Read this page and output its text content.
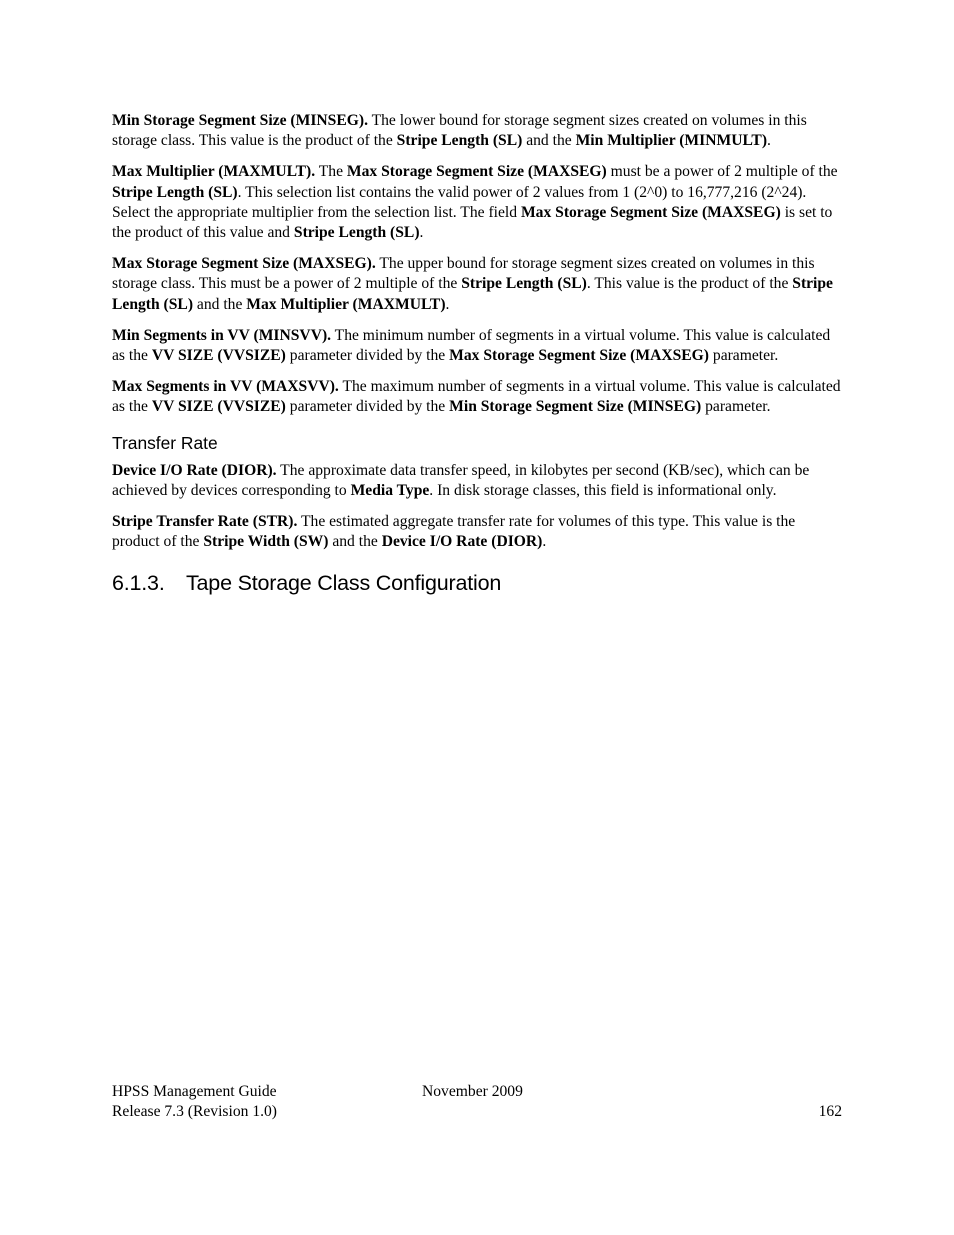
Min Storage Segment Size (MINSEG). The lower bound for storage segment sizes created on volumes in this storage class. This value is the product of the Stripe Length (SL) and the Min Multiplier (MINMULT).

Max Multiplier (MAXMULT). The Max Storage Segment Size (MAXSEG) must be a power of 2 multiple of the Stripe Length (SL). This selection list contains the valid power of 2 values from 1 (2^0) to 16,777,216 (2^24). Select the appropriate multiplier from the selection list. The field Max Storage Segment Size (MAXSEG) is set to the product of this value and Stripe Length (SL).

Max Storage Segment Size (MAXSEG). The upper bound for storage segment sizes created on volumes in this storage class. This must be a power of 2 multiple of the Stripe Length (SL). This value is the product of the Stripe Length (SL) and the Max Multiplier (MAXMULT).

Min Segments in VV (MINSVV). The minimum number of segments in a virtual volume. This value is calculated as the VV SIZE (VVSIZE) parameter divided by the Max Storage Segment Size (MAXSEG) parameter.

Max Segments in VV (MAXSVV). The maximum number of segments in a virtual volume. This value is calculated as the VV SIZE (VVSIZE) parameter divided by the Min Storage Segment Size (MINSEG) parameter.

Transfer Rate

Device I/O Rate (DIOR). The approximate data transfer speed, in kilobytes per second (KB/sec), which can be achieved by devices corresponding to Media Type. In disk storage classes, this field is informational only.

Stripe Transfer Rate (STR). The estimated aggregate transfer rate for volumes of this type. This value is the product of the Stripe Width (SW) and the Device I/O Rate (DIOR).

6.1.3. Tape Storage Class Configuration
HPSS Management Guide	November 2009
Release 7.3 (Revision 1.0)	162
